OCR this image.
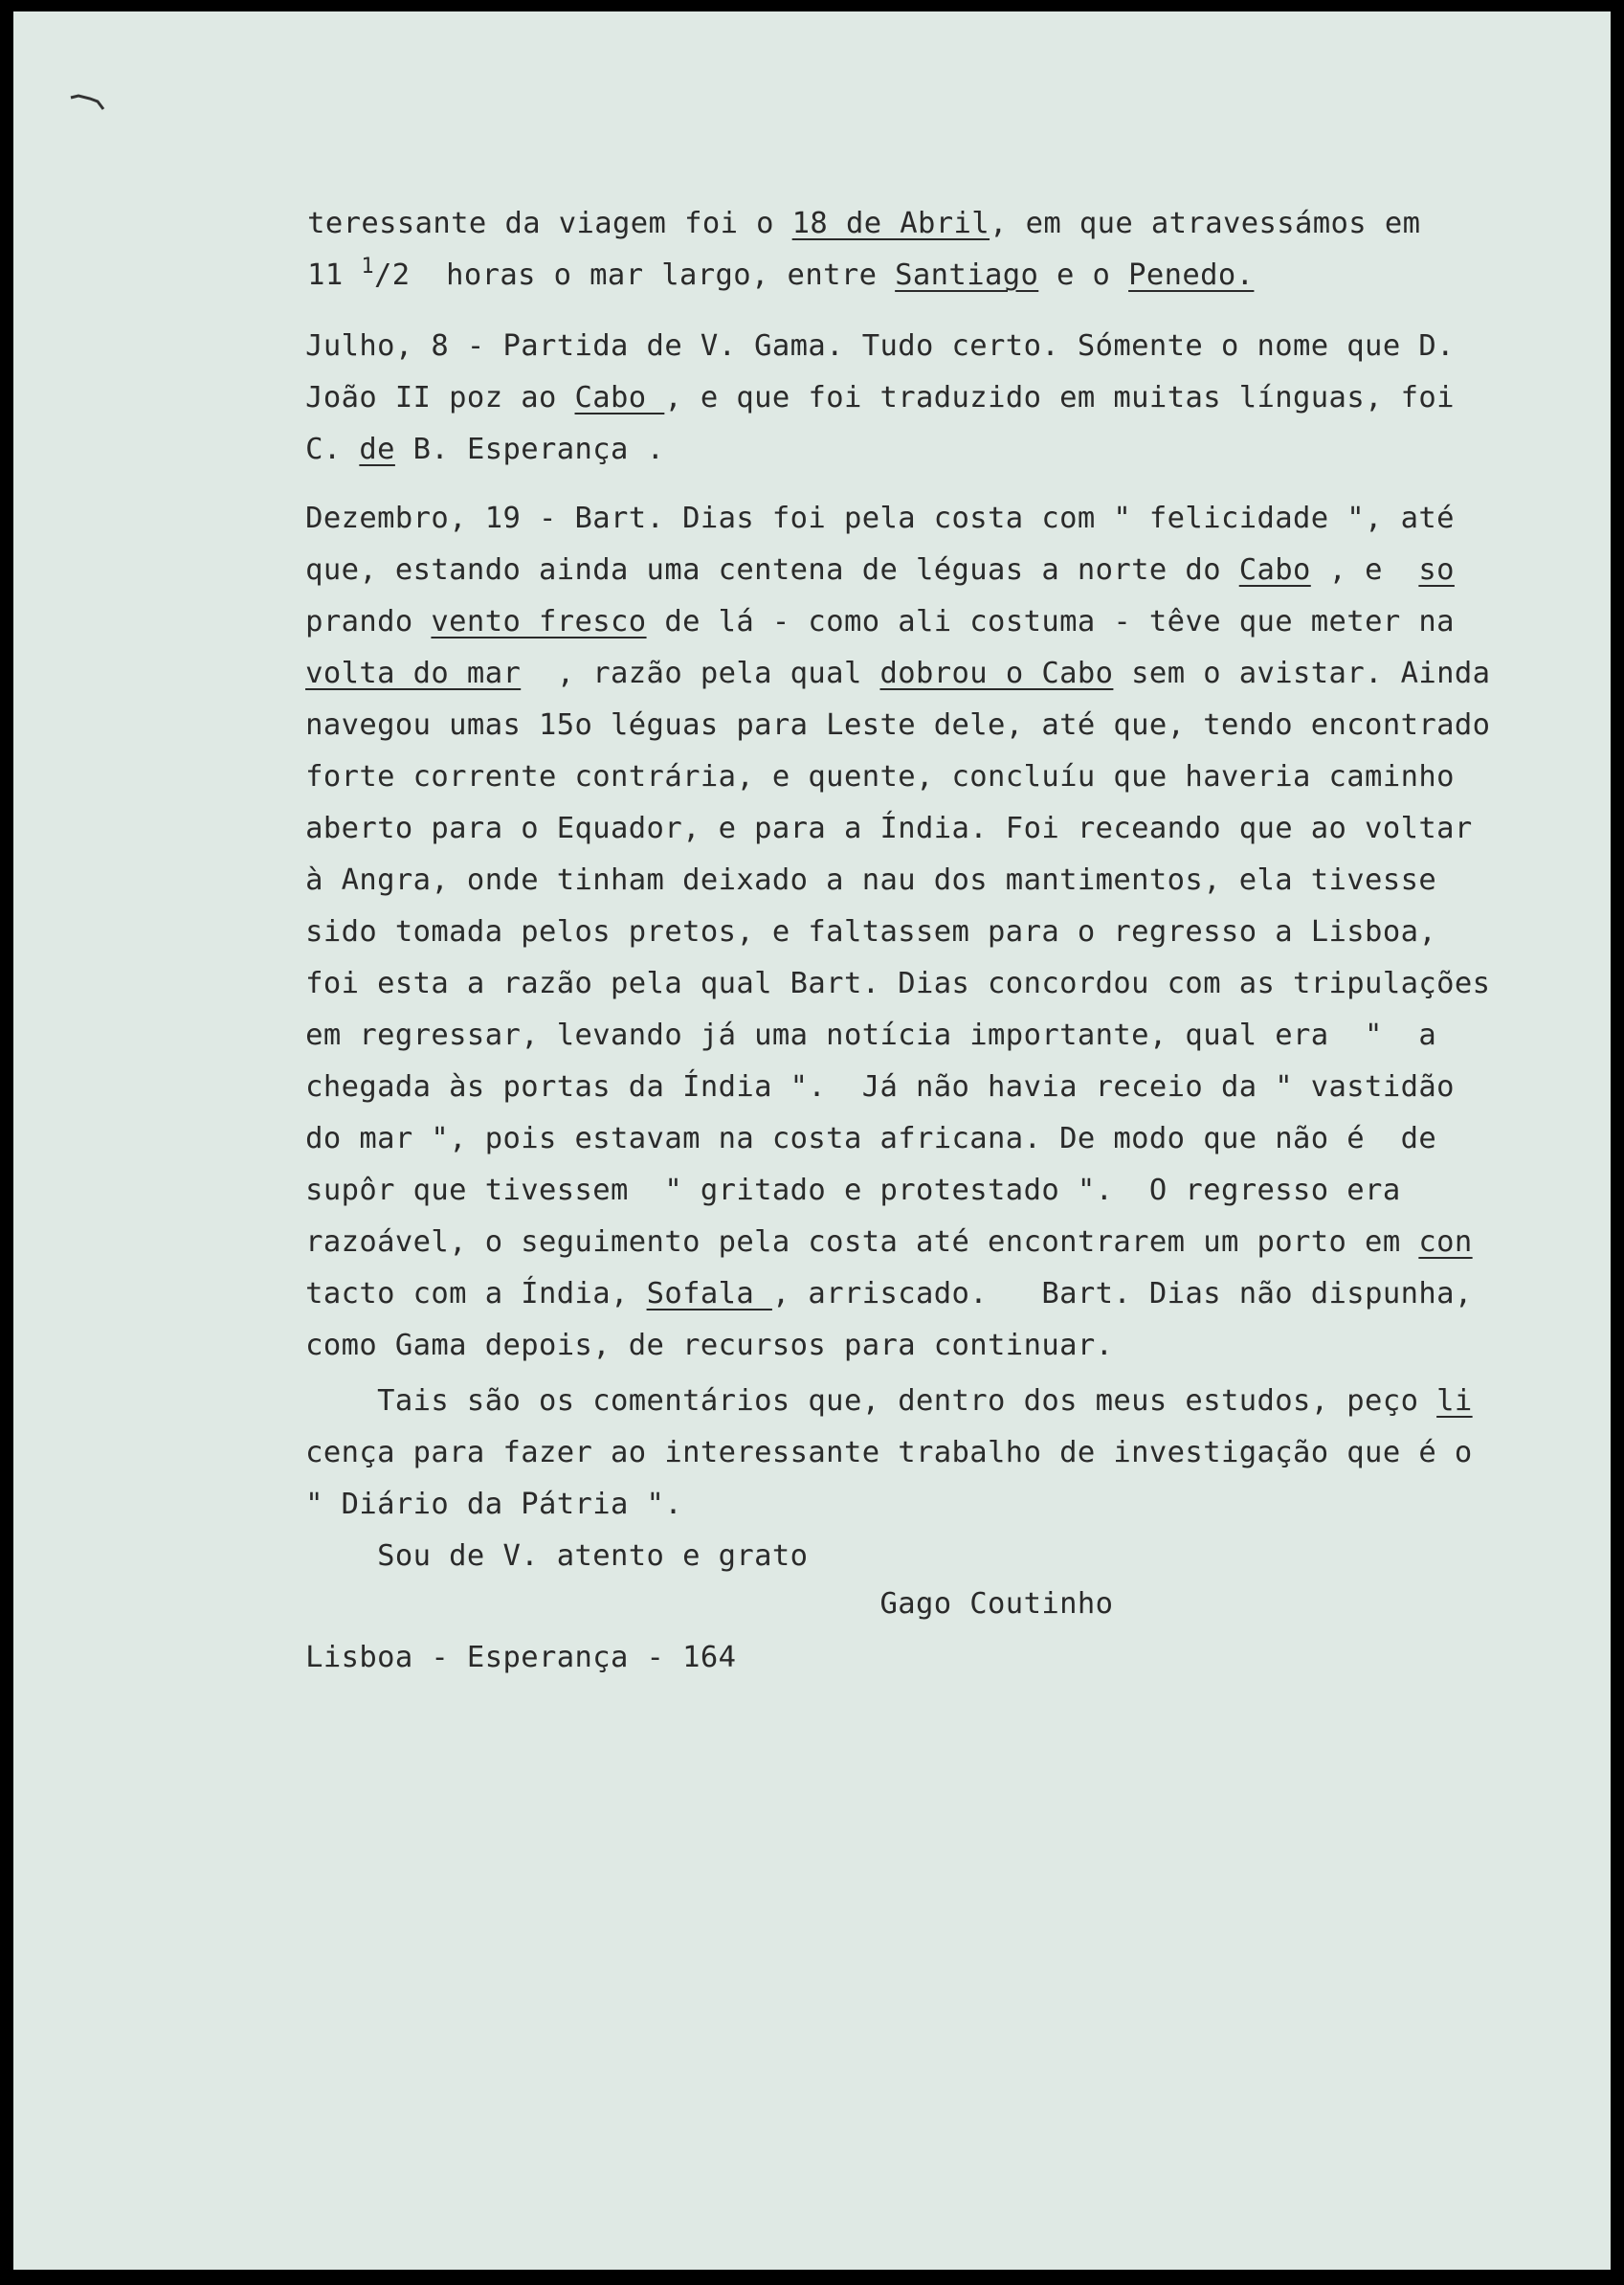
teressante da viagem foi o 18 de Abril, em que atravessámos em

11 $^1$/2  horas o mar largo, entre Santiago e o Penedo.

Julho, 8 - Partida de V. Gama. Tudo certo. Sómente o nome que D.

João II poz ao Cabo , e que foi traduzido em muitas línguas, foi

C. de B. Esperança .

Dezembro, 19 - Bart. Dias foi pela costa com " felicidade ", até

que, estando ainda uma centena de léguas a norte do Cabo , e  so

prando vento fresco de lá - como ali costuma - têve que meter na

volta do mar  , razão pela qual dobrou o Cabo sem o avistar. Ainda

navegou umas 15o léguas para Leste dele, até que, tendo encontrado

forte corrente contrária, e quente, concluíu que haveria caminho

aberto para o Equador, e para a Índia. Foi receando que ao voltar

à Angra, onde tinham deixado a nau dos mantimentos, ela tivesse

sido tomada pelos pretos, e faltassem para o regresso a Lisboa,

foi esta a razão pela qual Bart. Dias concordou com as tripulações

em regressar, levando já uma notícia importante, qual era  "  a

chegada às portas da Índia ".  Já não havia receio da " vastidão

do mar ", pois estavam na costa africana. De modo que não é  de

supôr que tivessem  " gritado e protestado ".  O regresso era

razoável, o seguimento pela costa até encontrarem um porto em con

tacto com a Índia, Sofala , arriscado.   Bart. Dias não dispunha,

como Gama depois, de recursos para continuar.

Tais são os comentários que, dentro dos meus estudos, peço li

cença para fazer ao interessante trabalho de investigação que é o

" Diário da Pátria ".

Sou de V. atento e grato

Gago Coutinho

Lisboa - Esperança - 164
